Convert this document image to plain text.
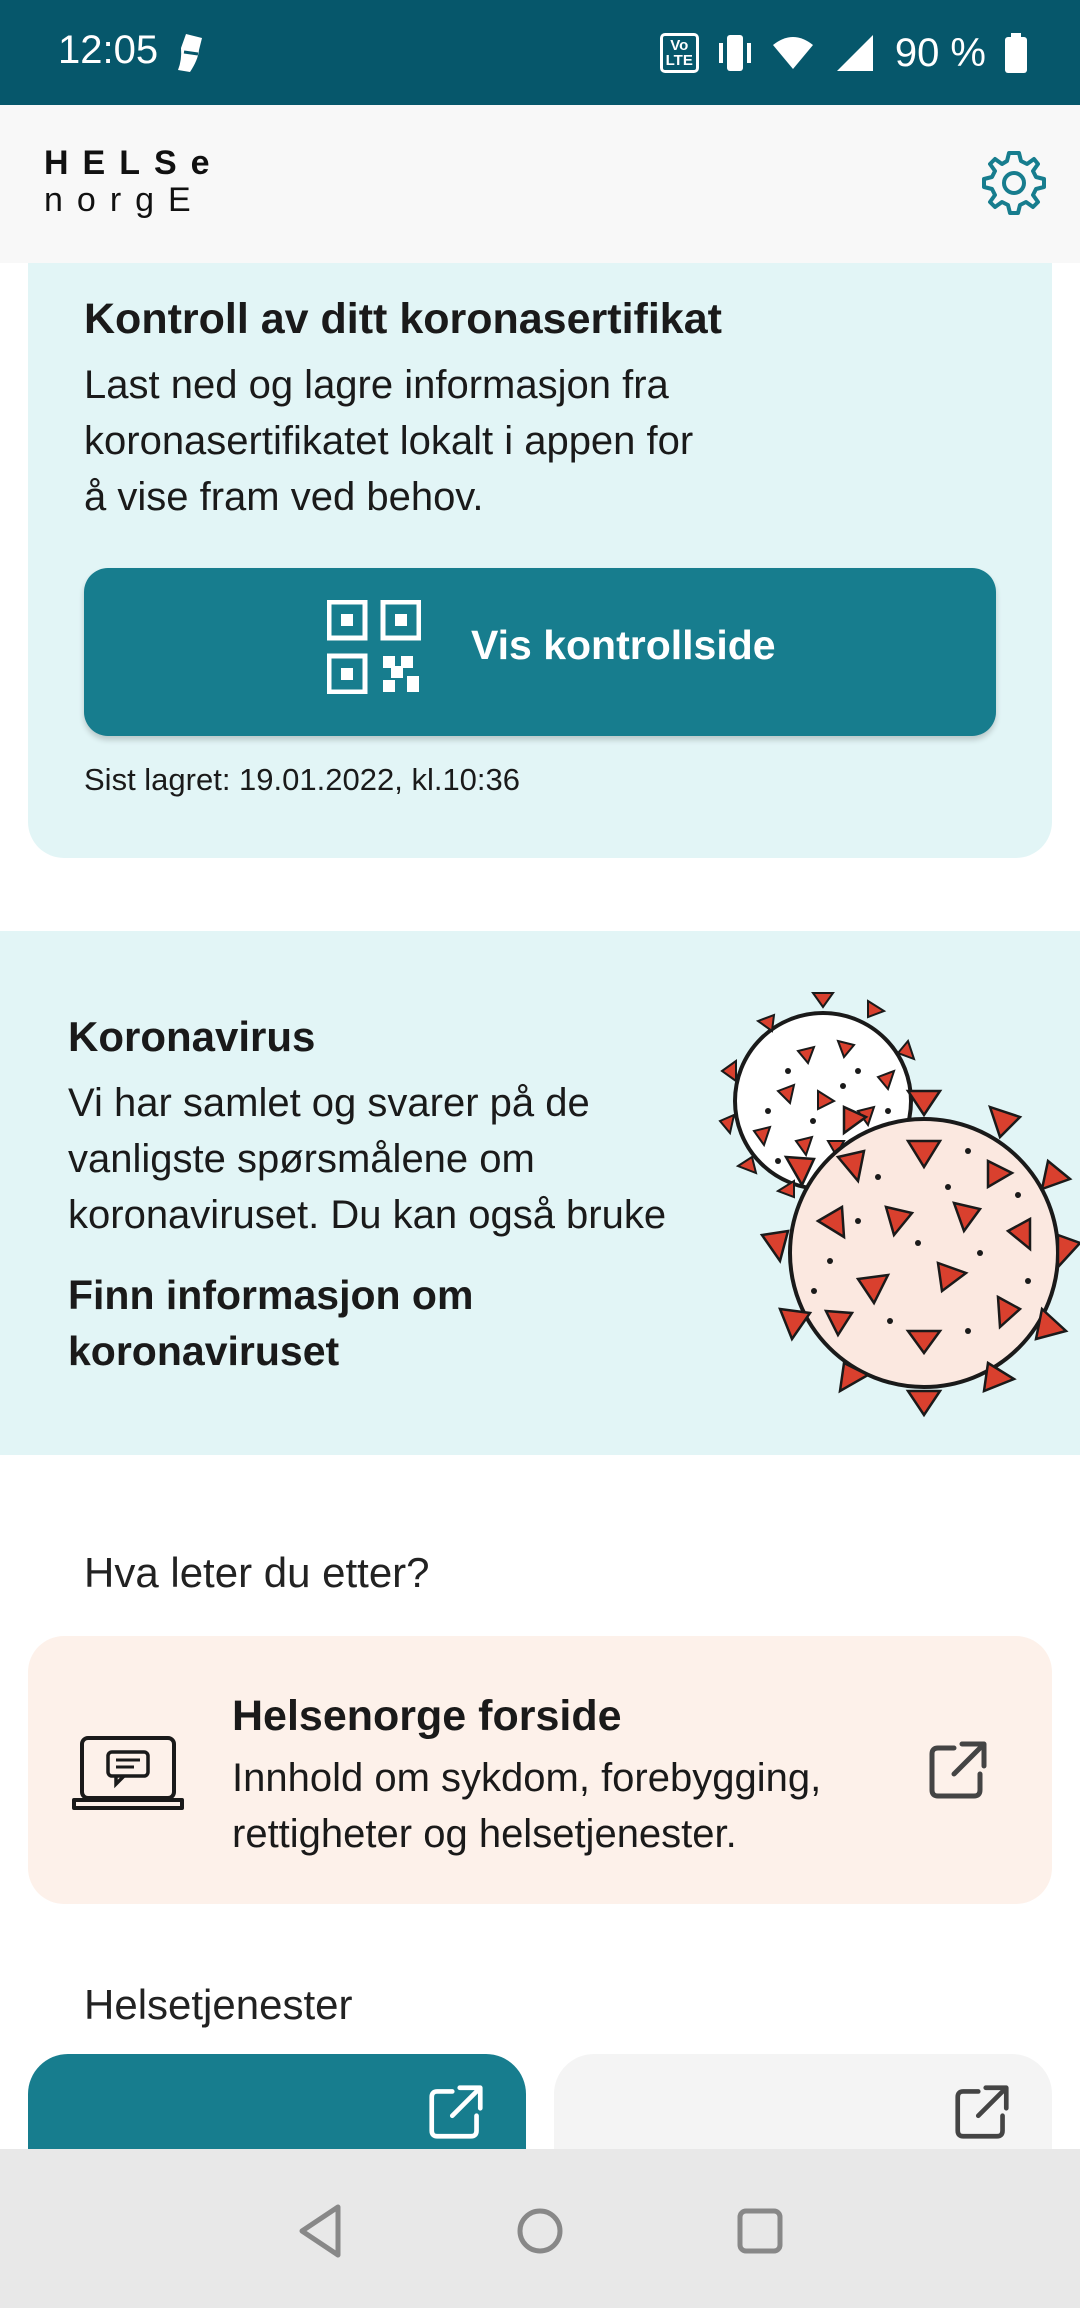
12:05	Vo
LTE	90 %
HELSe
norgE
Kontroll av ditt koronasertifikat
Last ned og lagre informasjon fra koronasertifikatet lokalt i appen for å vise fram ved behov.
Vis kontrollside
Sist lagret: 19.01.2022, kl.10:36
Koronavirus
Vi har samlet og svarer på de vanligste spørsmålene om koronaviruset. Du kan også bruke
Finn informasjon om koronaviruset
Hva leter du etter?
Helsenorge forside
Innhold om sykdom, forebygging, rettigheter og helsetjenester.
Helsetjenester
